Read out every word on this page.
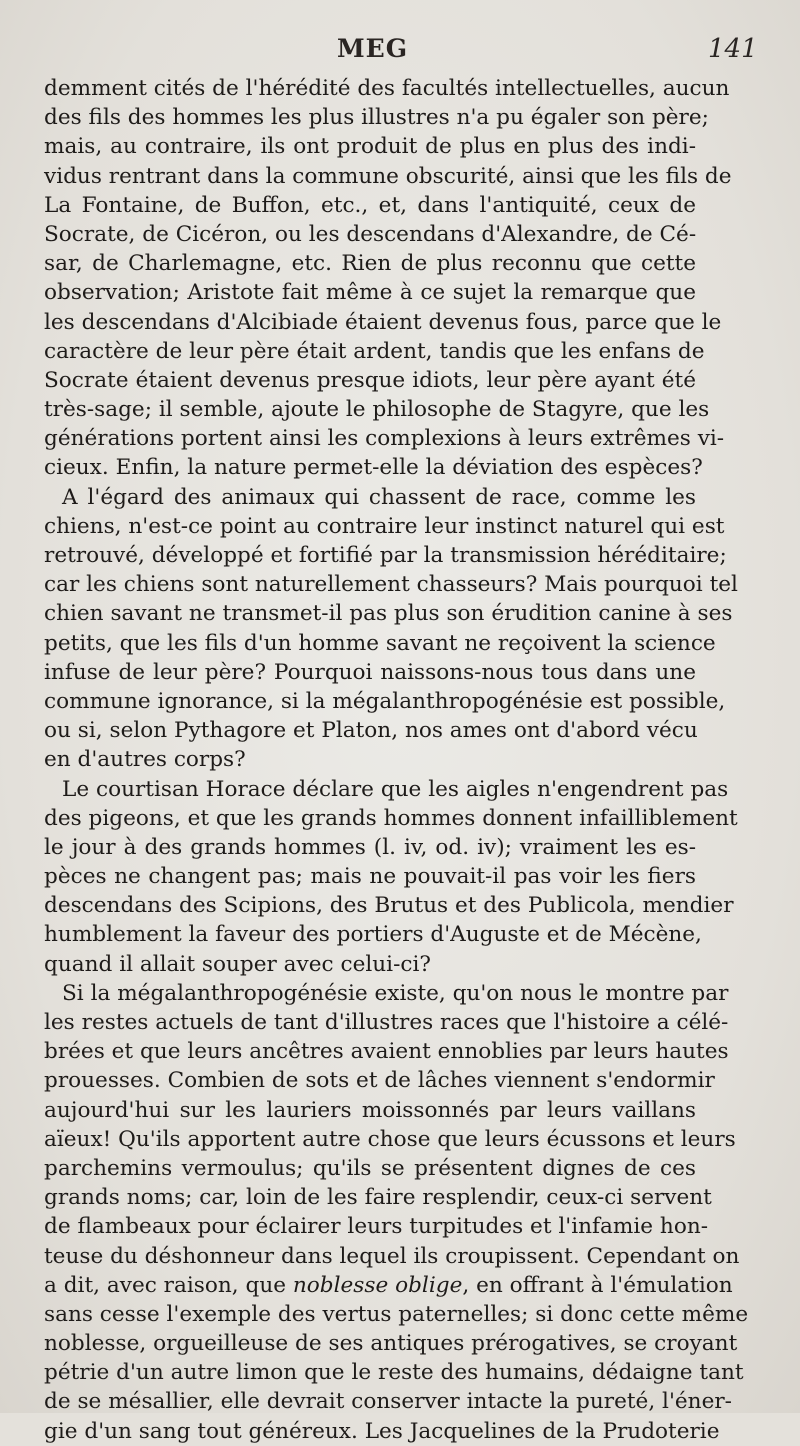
MEG	141
demment cités de l'hérédité des facultés intellectuelles, aucun
des fils des hommes les plus illustres n'a pu égaler son père;
mais, au contraire, ils ont produit de plus en plus des indi-
vidus rentrant dans la commune obscurité, ainsi que les fils de
La Fontaine, de Buffon, etc., et, dans l'antiquité, ceux de
Socrate, de Cicéron, ou les descendans d'Alexandre, de Cé-
sar, de Charlemagne, etc. Rien de plus reconnu que cette
observation; Aristote fait même à ce sujet la remarque que
les descendans d'Alcibiade étaient devenus fous, parce que le
caractère de leur père était ardent, tandis que les enfans de
Socrate étaient devenus presque idiots, leur père ayant été
très-sage; il semble, ajoute le philosophe de Stagyre, que les
générations portent ainsi les complexions à leurs extrêmes vi-
cieux. Enfin, la nature permet-elle la déviation des espèces?
A l'égard des animaux qui chassent de race, comme les
chiens, n'est-ce point au contraire leur instinct naturel qui est
retrouvé, développé et fortifié par la transmission héréditaire;
car les chiens sont naturellement chasseurs? Mais pourquoi tel
chien savant ne transmet-il pas plus son érudition canine à ses
petits, que les fils d'un homme savant ne reçoivent la science
infuse de leur père? Pourquoi naissons-nous tous dans une
commune ignorance, si la mégalanthropogénésie est possible,
ou si, selon Pythagore et Platon, nos ames ont d'abord vécu
en d'autres corps?
Le courtisan Horace déclare que les aigles n'engendrent pas
des pigeons, et que les grands hommes donnent infailliblement
le jour à des grands hommes (l. iv, od. iv); vraiment les es-
pèces ne changent pas; mais ne pouvait-il pas voir les fiers
descendans des Scipions, des Brutus et des Publicola, mendier
humblement la faveur des portiers d'Auguste et de Mécène,
quand il allait souper avec celui-ci?
Si la mégalanthropogénésie existe, qu'on nous le montre par
les restes actuels de tant d'illustres races que l'histoire a célé-
brées et que leurs ancêtres avaient ennoblies par leurs hautes
prouesses. Combien de sots et de lâches viennent s'endormir
aujourd'hui sur les lauriers moissonnés par leurs vaillans
aïeux! Qu'ils apportent autre chose que leurs écussons et leurs
parchemins vermoulus; qu'ils se présentent dignes de ces
grands noms; car, loin de les faire resplendir, ceux-ci servent
de flambeaux pour éclairer leurs turpitudes et l'infamie hon-
teuse du déshonneur dans lequel ils croupissent. Cependant on
a dit, avec raison, que noblesse oblige, en offrant à l'émulation
sans cesse l'exemple des vertus paternelles; si donc cette même
noblesse, orgueilleuse de ses antiques prérogatives, se croyant
pétrie d'un autre limon que le reste des humains, dédaigne tant
de se mésallier, elle devrait conserver intacte la pureté, l'éner-
gie d'un sang tout généreux. Les Jacquelines de la Prudoterie
